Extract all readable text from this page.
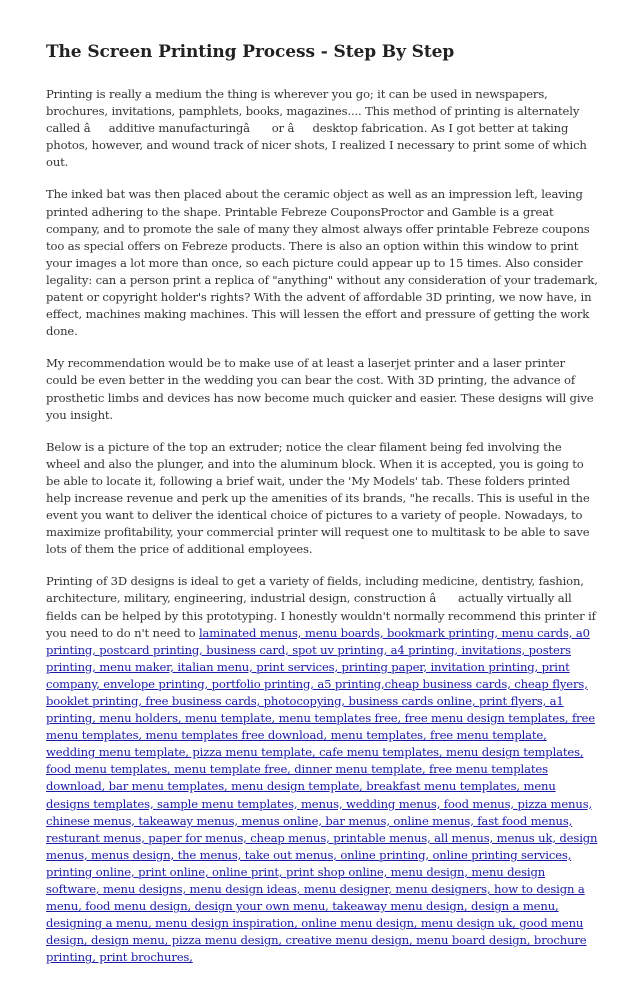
The Screen Printing Process - Step By Step

Printing is really a medium the thing is wherever you go; it can be used in newspapers, brochures, invitations, pamphlets, books, magazines.... This method of printing is alternately called âadditive manufacturingâ or âdesktop fabrication. As I got better at taking photos, however, and wound track of nicer shots, I realized I necessary to print some of which out.

The inked bat was then placed about the ceramic object as well as an impression left, leaving printed adhering to the shape. Printable Febreze CouponsProctor and Gamble is a great company, and to promote the sale of many they almost always offer printable Febreze coupons too as special offers on Febreze products. There is also an option within this window to print your images a lot more than once, so each picture could appear up to 15 times. Also consider legality: can a person print a replica of "anything" without any consideration of your trademark, patent or copyright holder's rights? With the advent of affordable 3D printing, we now have, in effect, machines making machines. This will lessen the effort and pressure of getting the work done.

My recommendation would be to make use of at least a laserjet printer and a laser printer could be even better in the wedding you can bear the cost. With 3D printing, the advance of prosthetic limbs and devices has now become much quicker and easier. These designs will give you insight.

Below is a picture of the top an extruder; notice the clear filament being fed involving the wheel and also the plunger, and into the aluminum block. When it is accepted, you is going to be able to locate it, following a brief wait, under the 'My Models' tab. These folders printed help increase revenue and perk up the amenities of its brands, "he recalls. This is useful in the event you want to deliver the identical choice of pictures to a variety of people. Nowadays, to maximize profitability, your commercial printer will request one to multitask to be able to save lots of them the price of additional employees.

Printing of 3D designs is ideal to get a variety of fields, including medicine, dentistry, fashion, architecture, military, engineering, industrial design, construction â actually virtually all fields can be helped by this prototyping. I honestly wouldn't normally recommend this printer if you need to do n't need to laminated menus, menu boards, bookmark printing, menu cards, a0 printing, postcard printing, business card, spot uv printing, a4 printing, invitations, posters printing, menu maker, italian menu, print services, printing paper, invitation printing, print company, envelope printing, portfolio printing, a5 printing,cheap business cards, cheap flyers, booklet printing, free business cards, photocopying, business cards online, print flyers, a1 printing, menu holders, menu template, menu templates free, free menu design templates, free menu templates, menu templates free download, menu templates, free menu template, wedding menu template, pizza menu template, cafe menu templates, menu design templates, food menu templates, menu template free, dinner menu template, free menu templates download, bar menu templates, menu design template, breakfast menu templates, menu designs templates, sample menu templates, menus, wedding menus, food menus, pizza menus, chinese menus, takeaway menus, menus online, bar menus, online menus, fast food menus, resturant menus, paper for menus, cheap menus, printable menus, all menus, menus uk, design menus, menus design, the menus, take out menus, online printing, online printing services, printing online, print online, online print, print shop online, menu design, menu design software, menu designs, menu design ideas, menu designer, menu designers, how to design a menu, food menu design, design your own menu, takeaway menu design, design a menu, designing a menu, menu design inspiration, online menu design, menu design uk, good menu design, design menu, pizza menu design, creative menu design, menu board design, brochure printing, print brochures,
